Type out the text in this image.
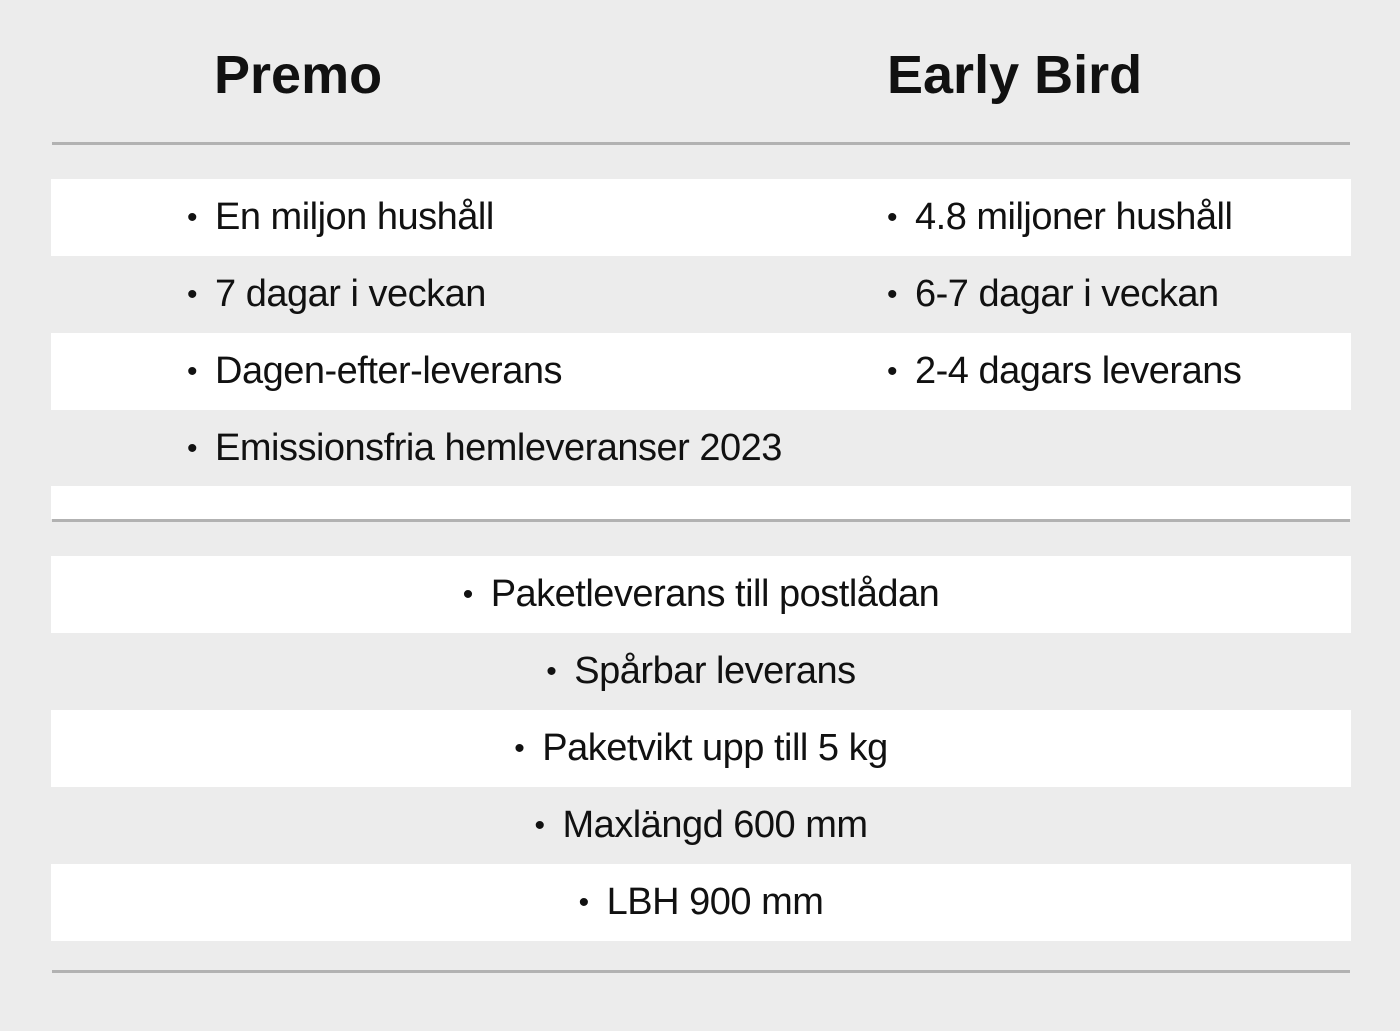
Premo	Early Bird
• En miljon hushåll	• 4.8 miljoner hushåll
• 7 dagar i veckan	• 6-7 dagar i veckan
• Dagen-efter-leverans	• 2-4 dagars leverans
• Emissionsfria hemleveranser 2023
• Paketleverans till postlådan
• Spårbar leverans
• Paketvikt upp till 5 kg
• Maxlängd 600 mm
• LBH 900 mm
